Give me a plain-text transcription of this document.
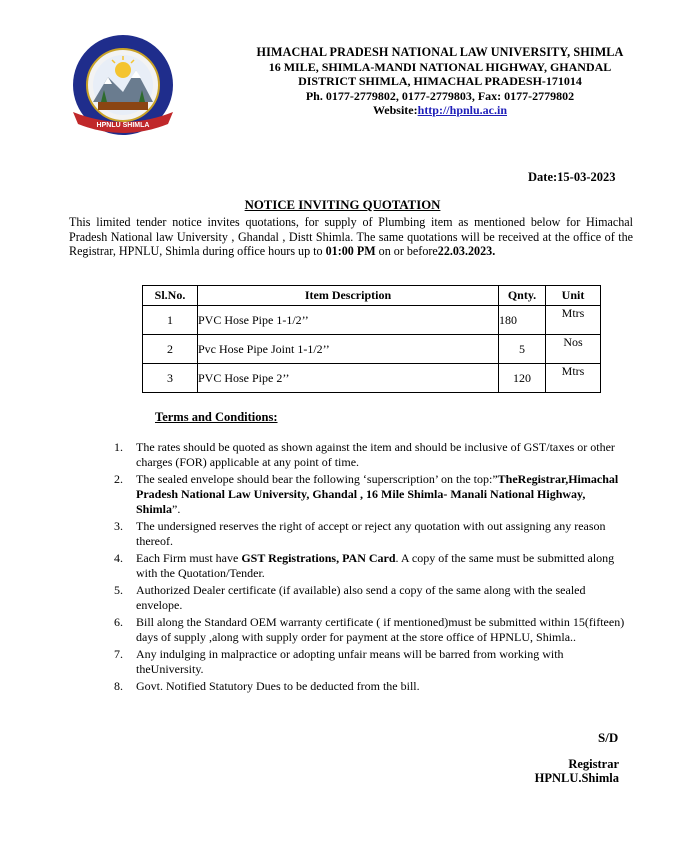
HPNLU SHIMLA
HIMACHAL PRADESH NATIONAL LAW UNIVERSITY, SHIMLA
16 MILE, SHIMLA-MANDI NATIONAL HIGHWAY, GHANDAL
DISTRICT SHIMLA, HIMACHAL PRADESH-171014
Ph. 0177-2779802, 0177-2779803, Fax: 0177-2779802
Website:http://hpnlu.ac.in
Date:15-03-2023
NOTICE INVITING QUOTATION
This limited tender notice invites quotations, for supply of Plumbing item as mentioned below for Himachal Pradesh National law University , Ghandal , Distt Shimla. The same quotations will be received at the office of the Registrar, HPNLU, Shimla during office hours up to 01:00 PM on or before22.03.2023.
Sl.No.	Item Description	Qnty.	Unit
1	PVC Hose Pipe 1-1/2’’	180	Mtrs
2	Pvc Hose Pipe Joint 1-1/2’’	5	Nos
3	PVC Hose Pipe 2’’	120	Mtrs
Terms and Conditions:
1. The rates should be quoted as shown against the item and should be inclusive of GST/taxes or other charges (FOR) applicable at any point of time.
2. The sealed envelope should bear the following ‘superscription’ on the top:”TheRegistrar,Himachal Pradesh National Law University, Ghandal , 16 Mile Shimla- Manali National Highway, Shimla”.
3. The undersigned reserves the right of accept or reject any quotation with out assigning any reason thereof.
4. Each Firm must have GST Registrations, PAN Card. A copy of the same must be submitted along with the Quotation/Tender.
5. Authorized Dealer certificate (if available) also send a copy of the same along with the sealed envelope.
6. Bill along the Standard OEM warranty certificate ( if mentioned)must be submitted within 15(fifteen) days of supply ,along with supply order for payment at the store office of HPNLU, Shimla..
7. Any indulging in malpractice or adopting unfair means will be barred from working with theUniversity.
8. Govt. Notified Statutory Dues to be deducted from the bill.
S/D
Registrar
HPNLU.Shimla
